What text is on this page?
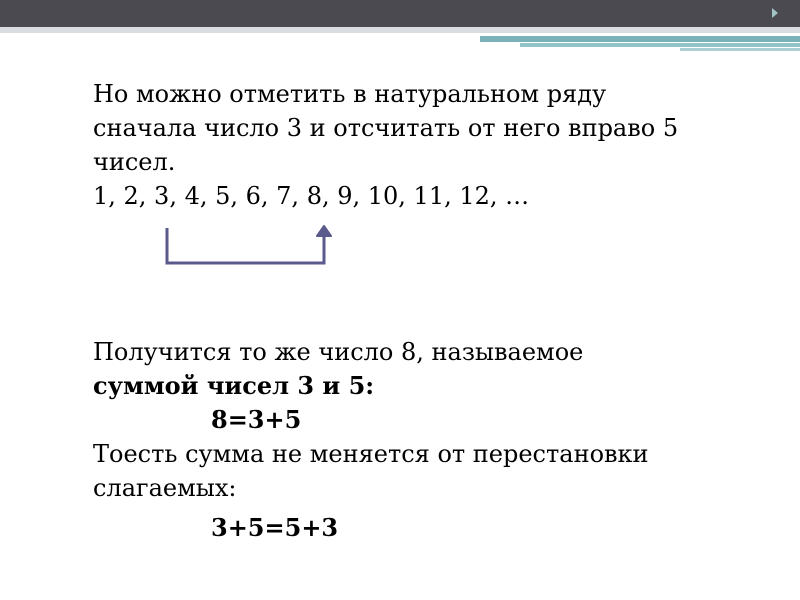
Но можно отметить в натуральном ряду

сначала число 3 и отсчитать от него вправо 5

чисел.

1, 2, 3, 4, 5, 6, 7, 8, 9, 10, 11, 12, …

Получится то же число 8, называемое

суммой чисел 3 и 5:

8=3+5

Тоесть сумма не меняется от перестановки

слагаемых:

3+5=5+3
